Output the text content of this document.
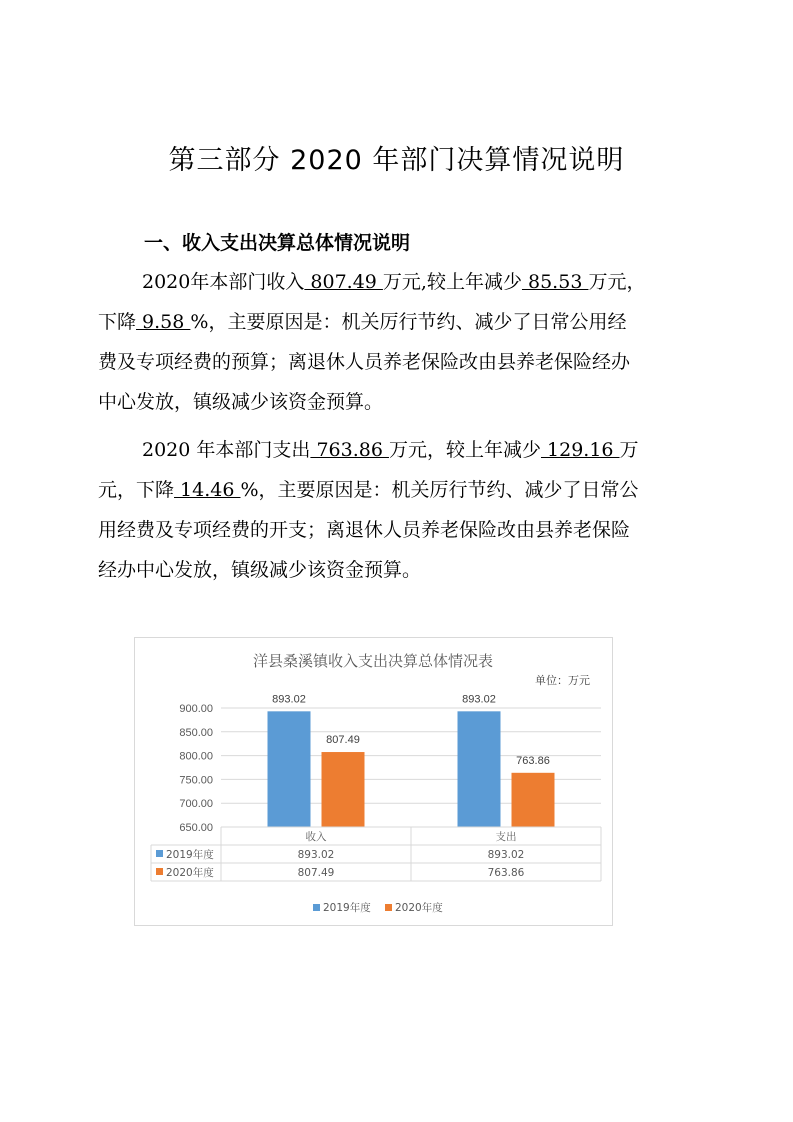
第三部分 2020 年部门决算情况说明
一、收入支出决算总体情况说明
2020年本部门收入 807.49 万元,较上年减少 85.53 万元，
下降 9.58 %，主要原因是：机关厉行节约、减少了日常公用经
费及专项经费的预算；离退休人员养老保险改由县养老保险经办
中心发放，镇级减少该资金预算。
2020 年本部门支出 763.86 万元，较上年减少 129.16 万
元，下降 14.46 %，主要原因是：机关厉行节约、减少了日常公
用经费及专项经费的开支；离退休人员养老保险改由县养老保险
经办中心发放，镇级减少该资金预算。
洋县桑溪镇收入支出决算总体情况表
单位：万元
650.00
700.00
750.00
800.00
850.00
900.00
893.02
807.49
893.02
763.86
收入	支出
2019年度	893.02	893.02
2020年度	807.49	763.86
2019年度 2020年度
